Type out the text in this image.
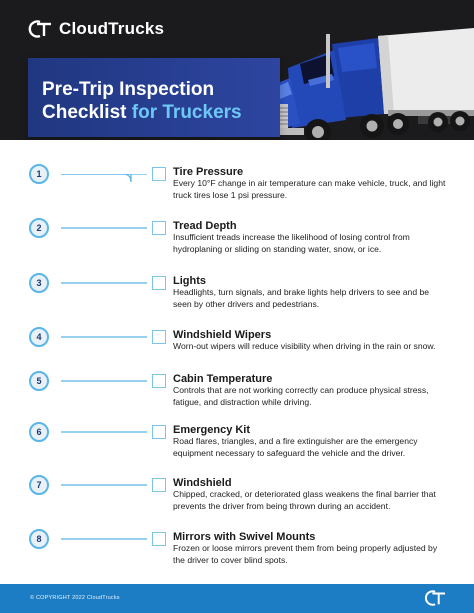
CloudTrucks
Pre-Trip Inspection
Checklist for Truckers
1	Tire Pressure
Every 10°F change in air temperature can make vehicle, truck, and light truck tires lose 1 psi pressure.
2	Tread Depth
Insufficient treads increase the likelihood of losing control from hydroplaning or sliding on standing water, snow, or ice.
3	Lights
Headlights, turn signals, and brake lights help drivers to see and be seen by other drivers and pedestrians.
4	Windshield Wipers
Worn-out wipers will reduce visibility when driving in the rain or snow.
5	Cabin Temperature
Controls that are not working correctly can produce physical stress, fatigue, and distraction while driving.
6	Emergency Kit
Road flares, triangles, and a fire extinguisher are the emergency equipment necessary to safeguard the vehicle and the driver.
7	Windshield
Chipped, cracked, or deteriorated glass weakens the final barrier that prevents the driver from being thrown during an accident.
8	Mirrors with Swivel Mounts
Frozen or loose mirrors prevent them from being properly adjusted by the driver to cover blind spots.
© COPYRIGHT 2022 CloudTrucks
